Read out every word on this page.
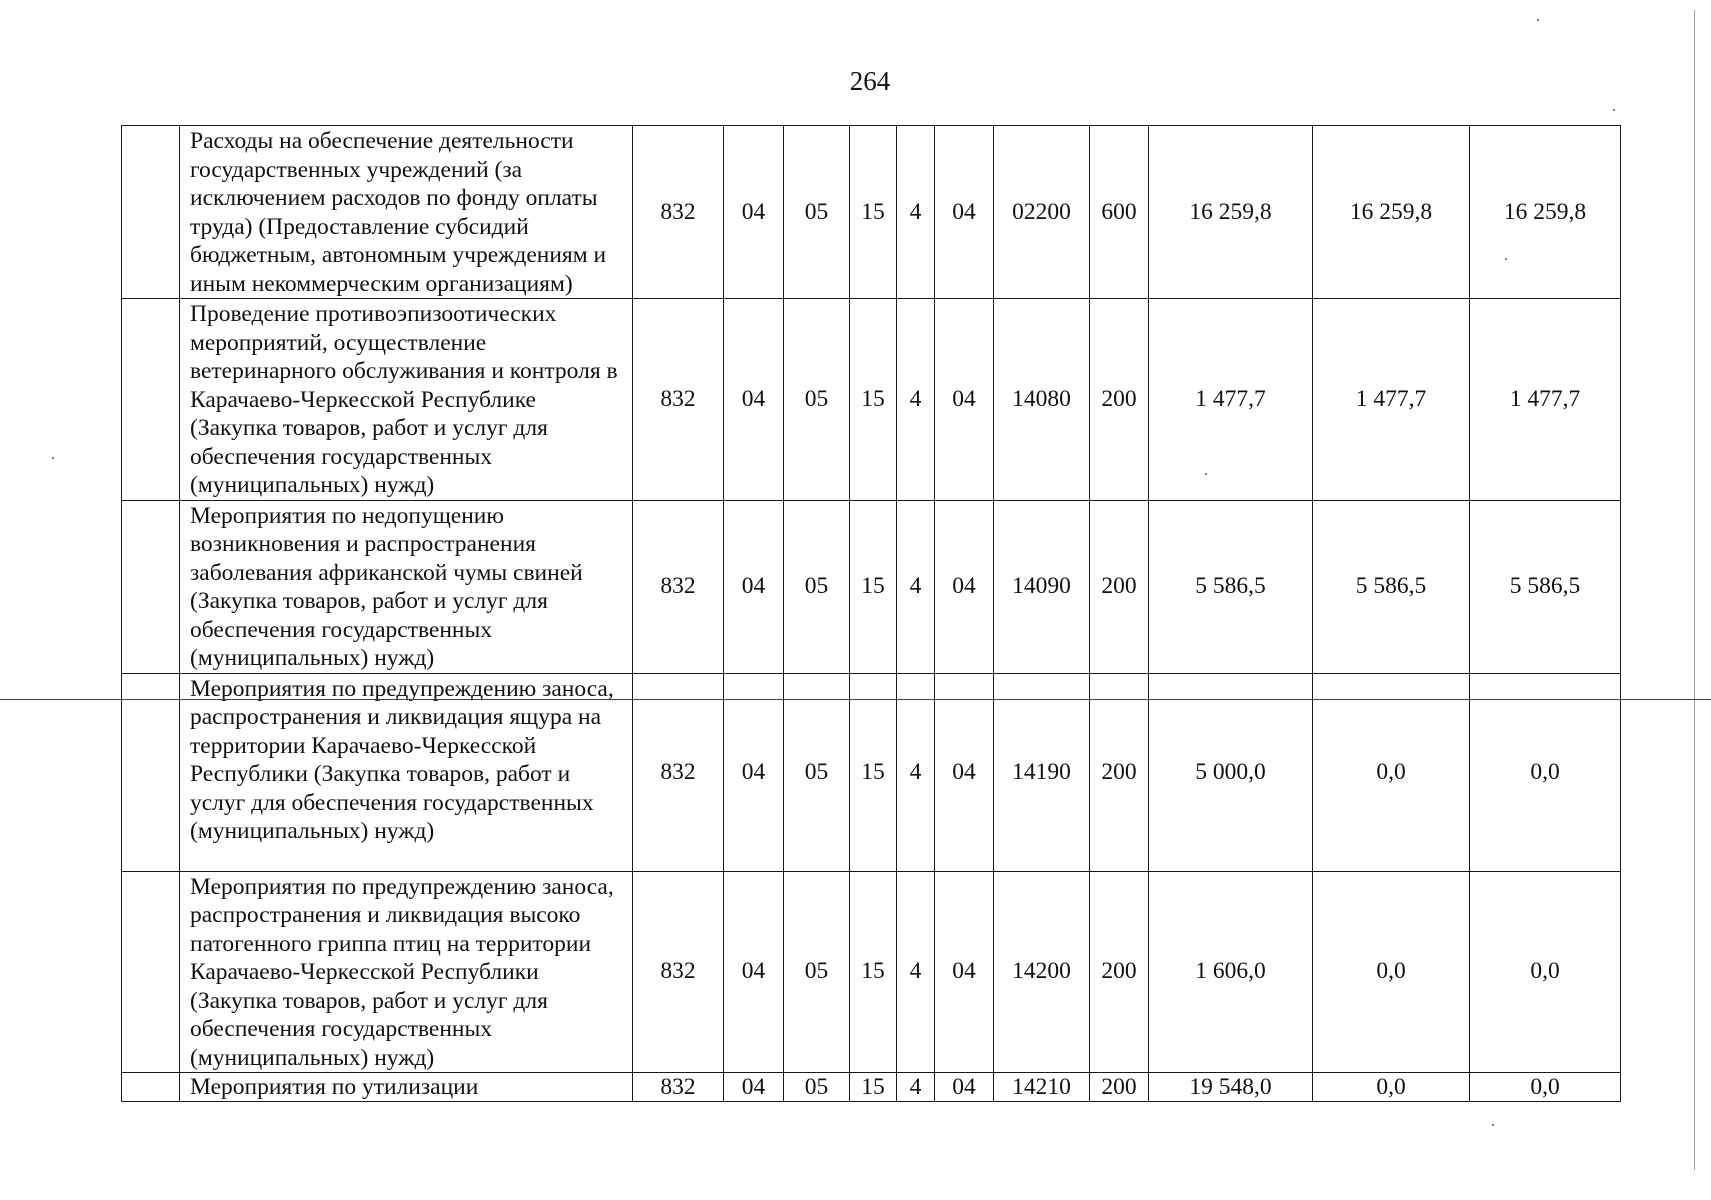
264
	Расходы на обеспечение деятельности государственных учреждений (за исключением расходов по фонду оплаты труда) (Предоставление субсидий бюджетным, автономным учреждениям и иным некоммерческим организациям)	832	04	05	15	4	04	02200	600	16 259,8	16 259,8	16 259,8
	Проведение противоэпизоотических мероприятий, осуществление ветеринарного обслуживания и контроля в Карачаево-Черкесской Республике (Закупка товаров, работ и услуг для обеспечения государственных (муниципальных) нужд)	832	04	05	15	4	04	14080	200	1 477,7	1 477,7	1 477,7
	Мероприятия по недопущению возникновения и распространения заболевания африканской чумы свиней (Закупка товаров, работ и услуг для обеспечения государственных (муниципальных) нужд)	832	04	05	15	4	04	14090	200	5 586,5	5 586,5	5 586,5
	Мероприятия по предупреждению заноса, распространения и ликвидация ящура на территории Карачаево-Черкесской Республики (Закупка товаров, работ и услуг для обеспечения государственных (муниципальных) нужд)	832	04	05	15	4	04	14190	200	5 000,0	0,0	0,0
	Мероприятия по предупреждению заноса, распространения и ликвидация высоко патогенного гриппа птиц на территории Карачаево-Черкесской Республики (Закупка товаров, работ и услуг для обеспечения государственных (муниципальных) нужд)	832	04	05	15	4	04	14200	200	1 606,0	0,0	0,0
	Мероприятия по утилизации	832	04	05	15	4	04	14210	200	19 548,0	0,0	0,0
